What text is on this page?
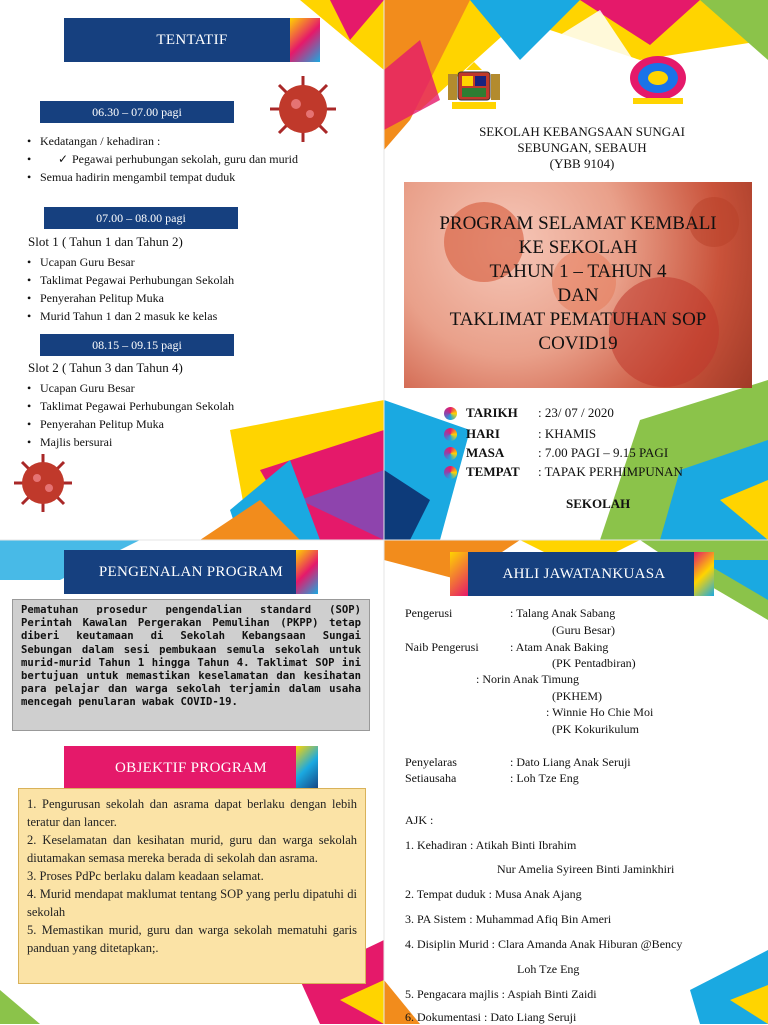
TENTATIF
06.30 – 07.00 pagi
• Kedatangan / kehadiran :
• ✓ Pegawai perhubungan sekolah, guru dan murid
• Semua hadirin mengambil tempat duduk
07.00 – 08.00 pagi
Slot 1 ( Tahun 1 dan Tahun 2)
• Ucapan Guru Besar
• Taklimat Pegawai Perhubungan Sekolah
• Penyerahan Pelitup Muka
• Murid Tahun 1 dan 2 masuk ke kelas
08.15 – 09.15 pagi
Slot 2 ( Tahun 3 dan Tahun 4)
• Ucapan Guru Besar
• Taklimat Pegawai Perhubungan Sekolah
• Penyerahan Pelitup Muka
• Majlis bersurai
SEKOLAH KEBANGSAAN SUNGAI
SEBUNGAN, SEBAUH
(YBB 9104)
PROGRAM SELAMAT KEMBALI
KE SEKOLAH
TAHUN 1 – TAHUN 4
DAN
TAKLIMAT PEMATUHAN SOP
COVID19
TARIKH	: 23/ 07 / 2020
HARI	: KHAMIS
MASA	: 7.00 PAGI – 9.15 PAGI
TEMPAT	: TAPAK PERHIMPUNAN
SEKOLAH
PENGENALAN PROGRAM
Pematuhan prosedur pengendalian standard (SOP) Perintah Kawalan Pergerakan Pemulihan (PKPP) tetap diberi keutamaan di Sekolah Kebangsaan Sungai Sebungan dalam sesi pembukaan semula sekolah untuk murid-murid Tahun 1 hingga Tahun 4. Taklimat SOP ini bertujuan untuk memastikan keselamatan dan kesihatan para pelajar dan warga sekolah terjamin dalam usaha mencegah penularan wabak COVID-19.
OBJEKTIF PROGRAM

1. Pengurusan sekolah dan asrama dapat berlaku dengan lebih teratur dan lancer.

2. Keselamatan dan kesihatan murid, guru dan warga sekolah diutamakan semasa mereka berada di sekolah dan asrama.

3. Proses PdPc berlaku dalam keadaan selamat.

4. Murid mendapat maklumat tentang SOP yang perlu dipatuhi di sekolah

5. Memastikan murid, guru dan warga sekolah mematuhi garis panduan yang ditetapkan;.

AHLI JAWATANKUASA
Pengerusi	: Talang Anak Sabang
(Guru Besar)
Naib Pengerusi	: Atam Anak Baking
(PK Pentadbiran)
: Norin Anak Timung
(PKHEM)
: Winnie Ho Chie Moi
(PK Kokurikulum
Penyelaras	: Dato Liang Anak Seruji
Setiausaha	: Loh Tze Eng
AJK :
1. Kehadiran : Atikah Binti Ibrahim
Nur Amelia Syireen Binti Jaminkhiri
2. Tempat duduk : Musa Anak Ajang
3. PA Sistem : Muhammad Afiq Bin Ameri
4. Disiplin Murid : Clara Amanda Anak Hiburan @Bency
Loh Tze Eng
5. Pengacara majlis : Aspiah Binti Zaidi
6. Dokumentasi : Dato Liang Seruji
